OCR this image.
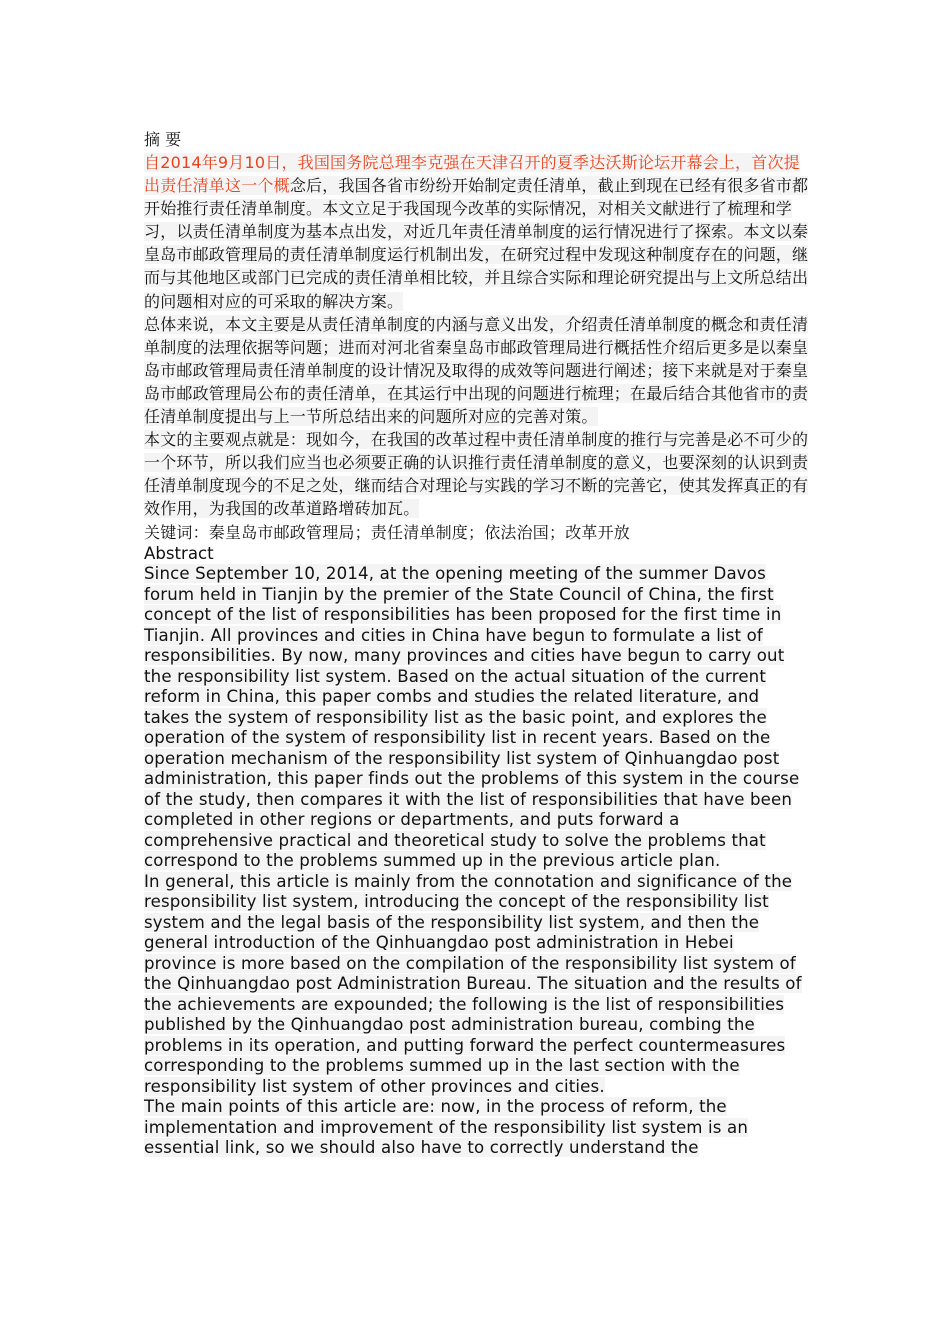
摘 要

自2014年9月10日，我国国务院总理李克强在天津召开的夏季达沃斯论坛开幕会上，首次提出责任清单这一个概念后，我国各省市纷纷开始制定责任清单，截止到现在已经有很多省市都开始推行责任清单制度。本文立足于我国现今改革的实际情况，对相关文献进行了梳理和学习，以责任清单制度为基本点出发，对近几年责任清单制度的运行情况进行了探索。本文以秦皇岛市邮政管理局的责任清单制度运行机制出发，在研究过程中发现这种制度存在的问题，继而与其他地区或部门已完成的责任清单相比较，并且综合实际和理论研究提出与上文所总结出的问题相对应的可采取的解决方案。

总体来说，本文主要是从责任清单制度的内涵与意义出发，介绍责任清单制度的概念和责任清单制度的法理依据等问题；进而对河北省秦皇岛市邮政管理局进行概括性介绍后更多是以秦皇岛市邮政管理局责任清单制度的设计情况及取得的成效等问题进行阐述；接下来就是对于秦皇岛市邮政管理局公布的责任清单，在其运行中出现的问题进行梳理；在最后结合其他省市的责任清单制度提出与上一节所总结出来的问题所对应的完善对策。

本文的主要观点就是：现如今，在我国的改革过程中责任清单制度的推行与完善是必不可少的一个环节，所以我们应当也必须要正确的认识推行责任清单制度的意义，也要深刻的认识到责任清单制度现今的不足之处，继而结合对理论与实践的学习不断的完善它，使其发挥真正的有效作用，为我国的改革道路增砖加瓦。

关键词：秦皇岛市邮政管理局；责任清单制度；依法治国；改革开放

Abstract

Since September 10, 2014, at the opening meeting of the summer Davos forum held in Tianjin by the premier of the State Council of China, the first concept of the list of responsibilities has been proposed for the first time in Tianjin. All provinces and cities in China have begun to formulate a list of responsibilities. By now, many provinces and cities have begun to carry out the responsibility list system. Based on the actual situation of the current reform in China, this paper combs and studies the related literature, and takes the system of responsibility list as the basic point, and explores the operation of the system of responsibility list in recent years. Based on the operation mechanism of the responsibility list system of Qinhuangdao post administration, this paper finds out the problems of this system in the course of the study, then compares it with the list of responsibilities that have been completed in other regions or departments, and puts forward a comprehensive practical and theoretical study to solve the problems that correspond to the problems summed up in the previous article plan.

In general, this article is mainly from the connotation and significance of the responsibility list system, introducing the concept of the responsibility list system and the legal basis of the responsibility list system, and then the general introduction of the Qinhuangdao post administration in Hebei province is more based on the compilation of the responsibility list system of the Qinhuangdao post Administration Bureau. The situation and the results of the achievements are expounded; the following is the list of responsibilities published by the Qinhuangdao post administration bureau, combing the problems in its operation, and putting forward the perfect countermeasures corresponding to the problems summed up in the last section with the responsibility list system of other provinces and cities.

The main points of this article are: now, in the process of reform, the implementation and improvement of the responsibility list system is an essential link, so we should also have to correctly understand the
